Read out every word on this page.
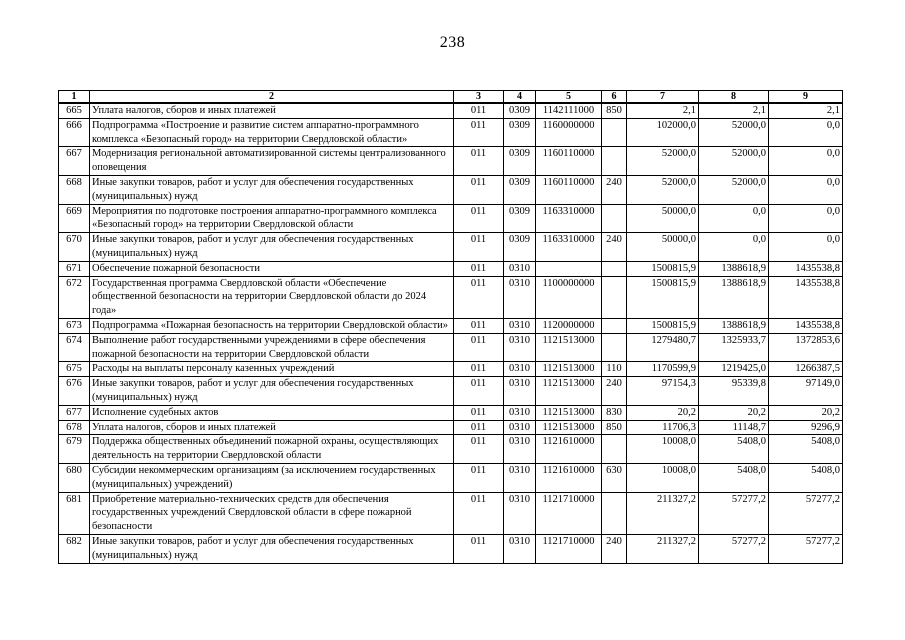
238
1	2	3	4	5	6	7	8	9
665	Уплата налогов, сборов и иных платежей	011	0309	1142111000	850	2,1	2,1	2,1
666	Подпрограмма «Построение и развитие систем аппаратно-программного комплекса «Безопасный город» на территории Свердловской области»	011	0309	1160000000		102000,0	52000,0	0,0
667	Модернизация региональной автоматизированной системы централизованного оповещения	011	0309	1160110000		52000,0	52000,0	0,0
668	Иные закупки товаров, работ и услуг для обеспечения государственных (муниципальных) нужд	011	0309	1160110000	240	52000,0	52000,0	0,0
669	Мероприятия по подготовке построения аппаратно-программного комплекса «Безопасный город» на территории Свердловской области	011	0309	1163310000		50000,0	0,0	0,0
670	Иные закупки товаров, работ и услуг для обеспечения государственных (муниципальных) нужд	011	0309	1163310000	240	50000,0	0,0	0,0
671	Обеспечение пожарной безопасности	011	0310			1500815,9	1388618,9	1435538,8
672	Государственная программа Свердловской области «Обеспечение общественной безопасности на территории Свердловской области до 2024 года»	011	0310	1100000000		1500815,9	1388618,9	1435538,8
673	Подпрограмма «Пожарная безопасность на территории Свердловской области»	011	0310	1120000000		1500815,9	1388618,9	1435538,8
674	Выполнение работ государственными учреждениями в сфере обеспечения пожарной безопасности на территории Свердловской области	011	0310	1121513000		1279480,7	1325933,7	1372853,6
675	Расходы на выплаты персоналу казенных учреждений	011	0310	1121513000	110	1170599,9	1219425,0	1266387,5
676	Иные закупки товаров, работ и услуг для обеспечения государственных (муниципальных) нужд	011	0310	1121513000	240	97154,3	95339,8	97149,0
677	Исполнение судебных актов	011	0310	1121513000	830	20,2	20,2	20,2
678	Уплата налогов, сборов и иных платежей	011	0310	1121513000	850	11706,3	11148,7	9296,9
679	Поддержка общественных объединений пожарной охраны, осуществляющих деятельность на территории Свердловской области	011	0310	1121610000		10008,0	5408,0	5408,0
680	Субсидии некоммерческим организациям (за исключением государственных (муниципальных) учреждений)	011	0310	1121610000	630	10008,0	5408,0	5408,0
681	Приобретение материально-технических средств для обеспечения государственных учреждений Свердловской области в сфере пожарной безопасности	011	0310	1121710000		211327,2	57277,2	57277,2
682	Иные закупки товаров, работ и услуг для обеспечения государственных (муниципальных) нужд	011	0310	1121710000	240	211327,2	57277,2	57277,2
